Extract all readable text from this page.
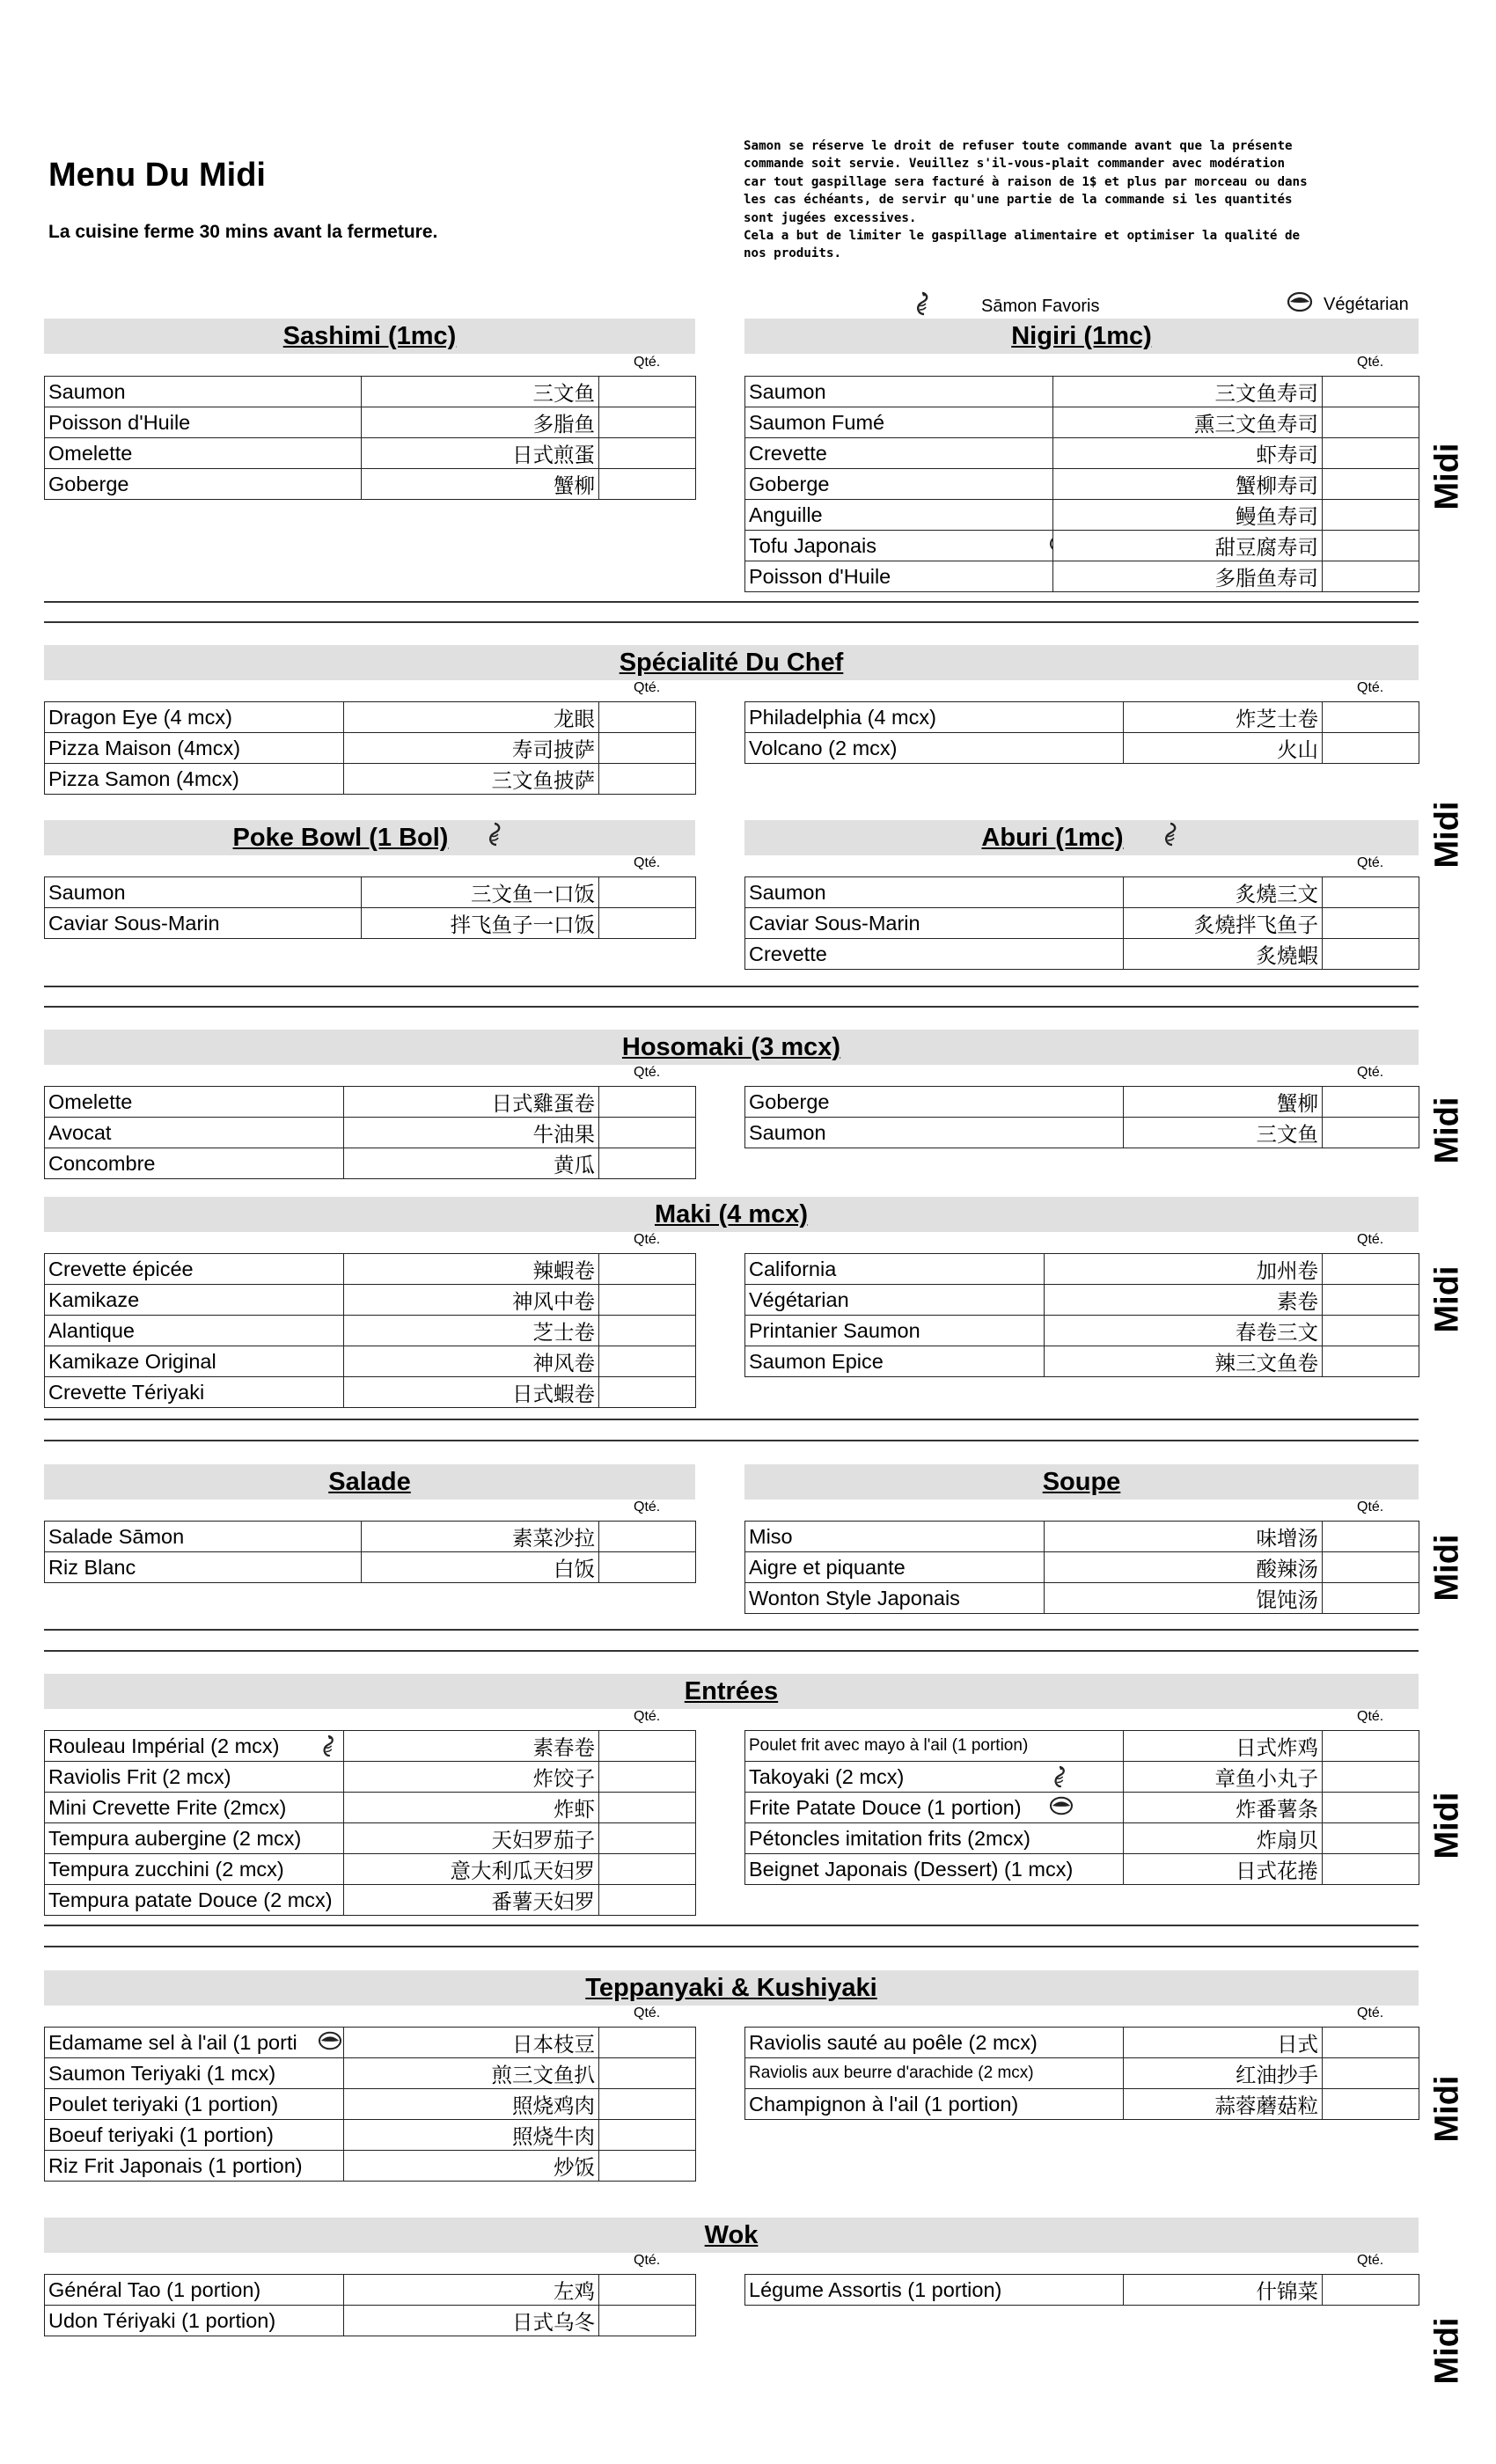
Menu Du Midi
La cuisine ferme 30 mins avant la fermeture.
Samon se réserve le droit de refuser toute commande avant que la présente
commande soit servie. Veuillez s'il-vous-plait commander avec modération
car tout gaspillage sera facturé à raison de 1$ et plus par morceau ou dans
les cas échéants, de servir qu'une partie de la commande si les quantités
sont jugées excessives.
Cela a but de limiter le gaspillage alimentaire et optimiser la qualité de
nos produits.
Sāmon Favoris	Végétarian
Sashimi (1mc)	Nigiri (1mc)
Spécialité Du Chef
Poke Bowl (1 Bol)	Aburi (1mc)
Hosomaki (3 mcx)
Maki (4 mcx)
Salade	Soupe
Entrées
Teppanyaki & Kushiyaki
Wok
Midi
Midi
Midi
Midi
Midi
Midi
Midi
Midi
Qté.
Saumon	三文鱼	
Poisson d'Huile	多脂鱼	
Omelette	日式煎蛋	
Goberge	蟹柳	
Qté.
Saumon	三文鱼寿司	
Saumon Fumé	熏三文鱼寿司	
Crevette	虾寿司	
Goberge	蟹柳寿司	
Anguille	鳗鱼寿司	
Tofu Japonais	甜豆腐寿司	
Poisson d'Huile	多脂鱼寿司	
Qté.
Dragon Eye (4 mcx)	龙眼	
Pizza Maison (4mcx)	寿司披萨	
Pizza Samon (4mcx)	三文鱼披萨	
Qté.
Philadelphia (4 mcx)	炸芝士卷	
Volcano (2 mcx)	火山	
Qté.
Saumon	三文鱼一口饭	
Caviar Sous-Marin	拌飞鱼子一口饭	
Qté.
Saumon	炙燒三文	
Caviar Sous-Marin	炙燒拌飞鱼子	
Crevette	炙燒蝦	
Qté.
Omelette	日式雞蛋卷	
Avocat	牛油果	
Concombre	黄瓜	
Qté.
Goberge	蟹柳	
Saumon	三文鱼	
Qté.
Crevette épicée	辣蝦卷	
Kamikaze	神风中卷	
Alantique	芝士卷	
Kamikaze Original	神风卷	
Crevette Tériyaki	日式蝦卷	
Qté.
California	加州卷	
Végétarian	素卷	
Printanier Saumon	春卷三文	
Saumon Epice	辣三文鱼卷	
Qté.
Salade Sāmon	素菜沙拉	
Riz Blanc	白饭	
Qté.
Miso	味增汤	
Aigre et piquante	酸辣汤	
Wonton Style Japonais	馄饨汤	
Qté.
Rouleau Impérial (2 mcx)	素春卷	
Raviolis Frit (2 mcx)	炸饺子	
Mini Crevette Frite (2mcx)	炸虾	
Tempura aubergine (2 mcx)	天妇罗茄子	
Tempura zucchini (2 mcx)	意大利瓜天妇罗	
Tempura patate Douce (2 mcx)	番薯天妇罗	
Qté.
Poulet frit avec mayo à l'ail (1 portion)	日式炸鸡	
Takoyaki (2 mcx)	章鱼小丸子	
Frite Patate Douce (1 portion)	炸番薯条	
Pétoncles imitation frits (2mcx)	炸扇贝	
Beignet Japonais (Dessert) (1 mcx)	日式花捲	
Qté.
Edamame sel à l'ail (1 porti	日本枝豆	
Saumon Teriyaki (1 mcx)	煎三文鱼扒	
Poulet teriyaki (1 portion)	照烧鸡肉	
Boeuf teriyaki (1 portion)	照烧牛肉	
Riz Frit Japonais (1 portion)	炒饭	
Qté.
Raviolis sauté au poêle (2 mcx)	日式	
Raviolis aux beurre d'arachide (2 mcx)	红油抄手	
Champignon à l'ail (1 portion)	蒜蓉蘑菇粒	
Qté.
Général Tao (1 portion)	左鸡	
Udon Tériyaki (1 portion)	日式乌冬	
Qté.
Légume Assortis (1 portion)	什锦菜	
